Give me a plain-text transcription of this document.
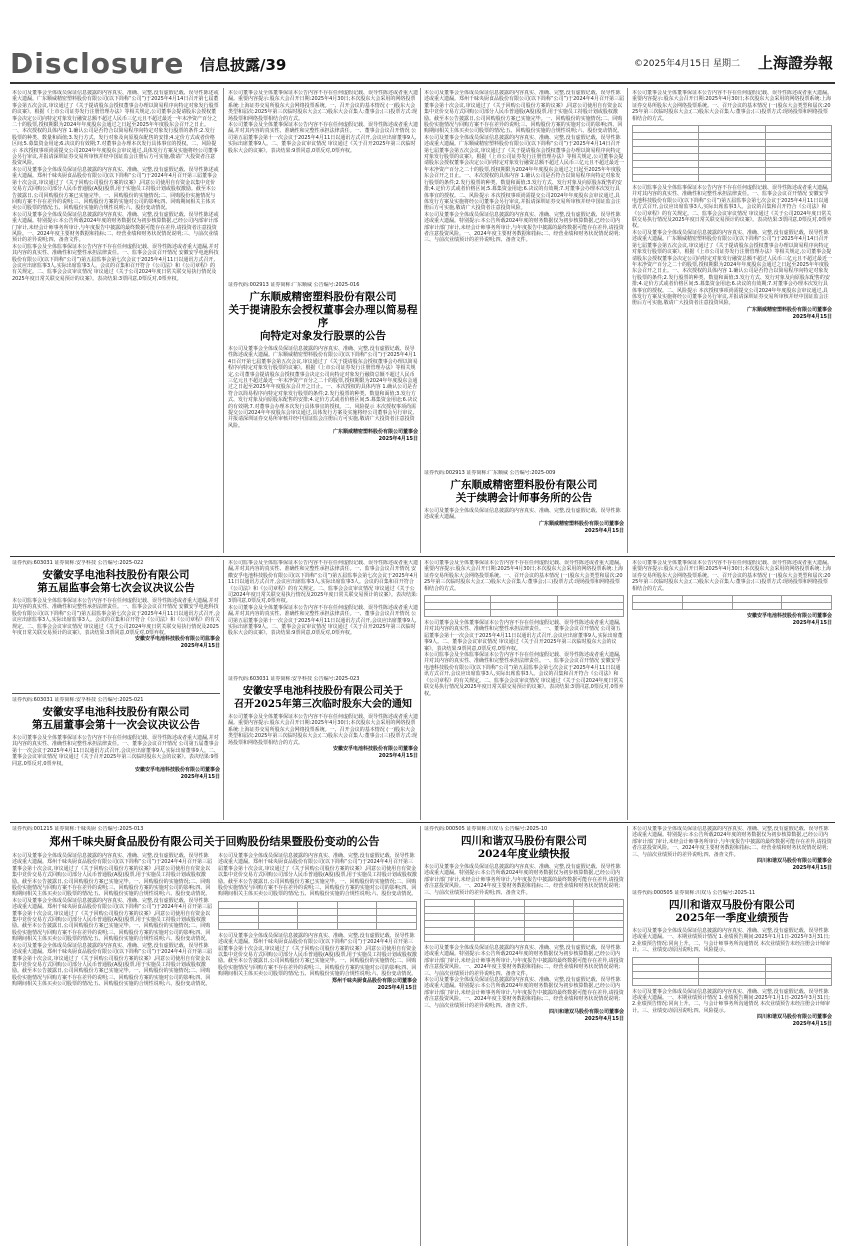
Disclosure 信息披露/39	©2025年4月15日 星期二 上海證券報
本公司及董事会全体成员保证信息披露的内容真实、准确、完整,没有虚假记载、误导性陈述或重大遗漏。广东顺威精密塑料股份有限公司(以下简称“公司”)于2025年4月14日召开第七届董事会第五次会议,审议通过了《关于提请股东会授权董事会办理以简易程序向特定对象发行股票的议案》。根据《上市公司证券发行注册管理办法》等相关规定,公司董事会提请股东会授权董事会决定公司向特定对象发行融资总额不超过人民币三亿元且不超过最近一年末净资产百分之二十的股票,授权期限为2024年年度股东会通过之日起至2025年年度股东会召开之日止。一、本次授权的具体内容 1.确认公司是否符合以简易程序向特定对象发行股票的条件;2.发行股票的种类、数量和面值;3.发行方式、发行对象及向原股东配售的安排;4.定价方式或者价格区间;5.募集资金用途;6.决议的有效期;7.对董事会办理本次发行具体事宜的授权。二、风险提示 本次授权事项尚需提交公司2024年年度股东会审议通过,具体发行方案及实施将经公司董事会另行审议,并报请深圳证券交易所审核并经中国证监会注册后方可实施,敬请广大投资者注意投资风险。
本公司及董事会全体成员保证信息披露的内容真实、准确、完整,没有虚假记载、误导性陈述或重大遗漏。郑州千味央厨食品股份有限公司(以下简称“公司”)于2024年4月召开第三届董事会第十次会议,审议通过了《关于回购公司股份方案的议案》,同意公司使用自有资金以集中竞价交易方式回购公司部分人民币普通股(A股)股票,用于实施员工持股计划或股权激励。截至本公告披露日,公司回购股份方案已实施完毕。一、回购股份的实施情况;二、回购股份实施情况与回购方案不存在差异的说明;三、回购股份方案的实施对公司的影响;四、回购期间相关主体买卖公司股票的情况;五、回购股份实施的合规性说明;六、股份变动情况。
本公司及董事会全体成员保证信息披露的内容真实、准确、完整,没有虚假记载、误导性陈述或重大遗漏。特别提示:本公告所载2024年度的财务数据仅为初步核算数据,已经公司内部审计部门审计,未经会计师事务所审计,与年度报告中披露的最终数据可能存在差异,请投资者注意投资风险。一、2024年度主要财务数据和指标;二、经营业绩和财务状况情况说明;三、与前次业绩预计的差异说明;四、备查文件。
本公司监事会及全体监事保证本公告内容不存在任何虚假记载、误导性陈述或者重大遗漏,并对其内容的真实性、准确性和完整性承担法律责任。一、监事会会议召开情况 安徽安孚电池科技股份有限公司(以下简称“公司”)第五届监事会第七次会议于2025年4月11日以通讯方式召开,会议应出席监事3人,实际出席监事3人。会议的召集和召开符合《公司法》和《公司章程》的有关规定。二、监事会会议审议情况 审议通过《关于公司2024年度日常关联交易执行情况及2025年度日常关联交易预计的议案》。表决结果:3票同意,0票反对,0票弃权。
本公司董事会及全体董事保证本公告内容不存在任何虚假记载、误导性陈述或者重大遗漏。重要内容提示:股东大会召开日期:2025年4月30日;本次股东大会采用的网络投票系统:上海证券交易所股东大会网络投票系统。一、召开会议的基本情况 (一)股东大会类型和届次:2025年第三次临时股东大会;(二)股东大会召集人:董事会;(三)投票方式:现场投票和网络投票相结合的方式。
本公司董事会及全体董事保证本公告内容不存在任何虚假记载、误导性陈述或者重大遗漏,并对其内容的真实性、准确性和完整性承担法律责任。一、董事会会议召开情况 公司第五届董事会第十一次会议于2025年4月11日以通讯方式召开,会议应出席董事9人,实际出席董事9人。二、董事会会议审议情况 审议通过《关于召开2025年第三次临时股东大会的议案》。表决结果:9票同意,0票反对,0票弃权。
证券代码:002913 证券简称:广东顺威 公告编号:2025-016
广东顺威精密塑料股份有限公司
关于提请股东会授权董事会办理以简易程序
向特定对象发行股票的公告
本公司及董事会全体成员保证信息披露的内容真实、准确、完整,没有虚假记载、误导性陈述或重大遗漏。广东顺威精密塑料股份有限公司(以下简称“公司”)于2025年4月14日召开第七届董事会第五次会议,审议通过了《关于提请股东会授权董事会办理以简易程序向特定对象发行股票的议案》。根据《上市公司证券发行注册管理办法》等相关规定,公司董事会提请股东会授权董事会决定公司向特定对象发行融资总额不超过人民币三亿元且不超过最近一年末净资产百分之二十的股票,授权期限为2024年年度股东会通过之日起至2025年年度股东会召开之日止。一、本次授权的具体内容 1.确认公司是否符合以简易程序向特定对象发行股票的条件;2.发行股票的种类、数量和面值;3.发行方式、发行对象及向原股东配售的安排;4.定价方式或者价格区间;5.募集资金用途;6.决议的有效期;7.对董事会办理本次发行具体事宜的授权。二、风险提示 本次授权事项尚需提交公司2024年年度股东会审议通过,具体发行方案及实施将经公司董事会另行审议,并报请深圳证券交易所审核并经中国证监会注册后方可实施,敬请广大投资者注意投资风险。
广东顺威精密塑料股份有限公司董事会
2025年4月15日
本公司及董事会全体成员保证信息披露的内容真实、准确、完整,没有虚假记载、误导性陈述或重大遗漏。郑州千味央厨食品股份有限公司(以下简称“公司”)于2024年4月召开第三届董事会第十次会议,审议通过了《关于回购公司股份方案的议案》,同意公司使用自有资金以集中竞价交易方式回购公司部分人民币普通股(A股)股票,用于实施员工持股计划或股权激励。截至本公告披露日,公司回购股份方案已实施完毕。一、回购股份的实施情况;二、回购股份实施情况与回购方案不存在差异的说明;三、回购股份方案的实施对公司的影响;四、回购期间相关主体买卖公司股票的情况;五、回购股份实施的合规性说明;六、股份变动情况。
本公司及董事会全体成员保证信息披露的内容真实、准确、完整,没有虚假记载、误导性陈述或重大遗漏。广东顺威精密塑料股份有限公司(以下简称“公司”)于2025年4月14日召开第七届董事会第五次会议,审议通过了《关于提请股东会授权董事会办理以简易程序向特定对象发行股票的议案》。根据《上市公司证券发行注册管理办法》等相关规定,公司董事会提请股东会授权董事会决定公司向特定对象发行融资总额不超过人民币三亿元且不超过最近一年末净资产百分之二十的股票,授权期限为2024年年度股东会通过之日起至2025年年度股东会召开之日止。一、本次授权的具体内容 1.确认公司是否符合以简易程序向特定对象发行股票的条件;2.发行股票的种类、数量和面值;3.发行方式、发行对象及向原股东配售的安排;4.定价方式或者价格区间;5.募集资金用途;6.决议的有效期;7.对董事会办理本次发行具体事宜的授权。二、风险提示 本次授权事项尚需提交公司2024年年度股东会审议通过,具体发行方案及实施将经公司董事会另行审议,并报请深圳证券交易所审核并经中国证监会注册后方可实施,敬请广大投资者注意投资风险。
本公司及董事会全体成员保证信息披露的内容真实、准确、完整,没有虚假记载、误导性陈述或重大遗漏。特别提示:本公告所载2024年度的财务数据仅为初步核算数据,已经公司内部审计部门审计,未经会计师事务所审计,与年度报告中披露的最终数据可能存在差异,请投资者注意投资风险。一、2024年度主要财务数据和指标;二、经营业绩和财务状况情况说明;三、与前次业绩预计的差异说明;四、备查文件。
证券代码:002913 证券简称:广东顺威 公告编号:2025-009
广东顺威精密塑料股份有限公司
关于续聘会计师事务所的公告
本公司及董事会全体成员保证信息披露的内容真实、准确、完整,没有虚假记载、误导性陈述或重大遗漏。
广东顺威精密塑料股份有限公司董事会
2025年4月15日
本公司董事会及全体董事保证本公告内容不存在任何虚假记载、误导性陈述或者重大遗漏。重要内容提示:股东大会召开日期:2025年4月30日;本次股东大会采用的网络投票系统:上海证券交易所股东大会网络投票系统。一、召开会议的基本情况 (一)股东大会类型和届次:2025年第三次临时股东大会;(二)股东大会召集人:董事会;(三)投票方式:现场投票和网络投票相结合的方式。

本公司监事会及全体监事保证本公告内容不存在任何虚假记载、误导性陈述或者重大遗漏,并对其内容的真实性、准确性和完整性承担法律责任。一、监事会会议召开情况 安徽安孚电池科技股份有限公司(以下简称“公司”)第五届监事会第七次会议于2025年4月11日以通讯方式召开,会议应出席监事3人,实际出席监事3人。会议的召集和召开符合《公司法》和《公司章程》的有关规定。二、监事会会议审议情况 审议通过《关于公司2024年度日常关联交易执行情况及2025年度日常关联交易预计的议案》。表决结果:3票同意,0票反对,0票弃权。
本公司及董事会全体成员保证信息披露的内容真实、准确、完整,没有虚假记载、误导性陈述或重大遗漏。广东顺威精密塑料股份有限公司(以下简称“公司”)于2025年4月14日召开第七届董事会第五次会议,审议通过了《关于提请股东会授权董事会办理以简易程序向特定对象发行股票的议案》。根据《上市公司证券发行注册管理办法》等相关规定,公司董事会提请股东会授权董事会决定公司向特定对象发行融资总额不超过人民币三亿元且不超过最近一年末净资产百分之二十的股票,授权期限为2024年年度股东会通过之日起至2025年年度股东会召开之日止。一、本次授权的具体内容 1.确认公司是否符合以简易程序向特定对象发行股票的条件;2.发行股票的种类、数量和面值;3.发行方式、发行对象及向原股东配售的安排;4.定价方式或者价格区间;5.募集资金用途;6.决议的有效期;7.对董事会办理本次发行具体事宜的授权。二、风险提示 本次授权事项尚需提交公司2024年年度股东会审议通过,具体发行方案及实施将经公司董事会另行审议,并报请深圳证券交易所审核并经中国证监会注册后方可实施,敬请广大投资者注意投资风险。
广东顺威精密塑料股份有限公司董事会
2025年4月15日
证券代码:603031 证券简称:安孚科技 公告编号:2025-022
安徽安孚电池科技股份有限公司
第五届监事会第七次会议决议公告
本公司监事会及全体监事保证本公告内容不存在任何虚假记载、误导性陈述或者重大遗漏,并对其内容的真实性、准确性和完整性承担法律责任。一、监事会会议召开情况 安徽安孚电池科技股份有限公司(以下简称“公司”)第五届监事会第七次会议于2025年4月11日以通讯方式召开,会议应出席监事3人,实际出席监事3人。会议的召集和召开符合《公司法》和《公司章程》的有关规定。二、监事会会议审议情况 审议通过《关于公司2024年度日常关联交易执行情况及2025年度日常关联交易预计的议案》。表决结果:3票同意,0票反对,0票弃权。
安徽安孚电池科技股份有限公司监事会
2025年4月15日
证券代码:603031 证券简称:安孚科技 公告编号:2025-021
安徽安孚电池科技股份有限公司
第五届董事会第十一次会议决议公告
本公司董事会及全体董事保证本公告内容不存在任何虚假记载、误导性陈述或者重大遗漏,并对其内容的真实性、准确性和完整性承担法律责任。一、董事会会议召开情况 公司第五届董事会第十一次会议于2025年4月11日以通讯方式召开,会议应出席董事9人,实际出席董事9人。二、董事会会议审议情况 审议通过《关于召开2025年第三次临时股东大会的议案》。表决结果:9票同意,0票反对,0票弃权。
安徽安孚电池科技股份有限公司董事会
2025年4月15日
本公司监事会及全体监事保证本公告内容不存在任何虚假记载、误导性陈述或者重大遗漏,并对其内容的真实性、准确性和完整性承担法律责任。一、监事会会议召开情况 安徽安孚电池科技股份有限公司(以下简称“公司”)第五届监事会第七次会议于2025年4月11日以通讯方式召开,会议应出席监事3人,实际出席监事3人。会议的召集和召开符合《公司法》和《公司章程》的有关规定。二、监事会会议审议情况 审议通过《关于公司2024年度日常关联交易执行情况及2025年度日常关联交易预计的议案》。表决结果:3票同意,0票反对,0票弃权。
本公司董事会及全体董事保证本公告内容不存在任何虚假记载、误导性陈述或者重大遗漏,并对其内容的真实性、准确性和完整性承担法律责任。一、董事会会议召开情况 公司第五届董事会第十一次会议于2025年4月11日以通讯方式召开,会议应出席董事9人,实际出席董事9人。二、董事会会议审议情况 审议通过《关于召开2025年第三次临时股东大会的议案》。表决结果:9票同意,0票反对,0票弃权。
证券代码:603031 证券简称:安孚科技 公告编号:2025-023
安徽安孚电池科技股份有限公司关于
召开2025年第三次临时股东大会的通知
本公司董事会及全体董事保证本公告内容不存在任何虚假记载、误导性陈述或者重大遗漏。重要内容提示:股东大会召开日期:2025年4月30日;本次股东大会采用的网络投票系统:上海证券交易所股东大会网络投票系统。一、召开会议的基本情况 (一)股东大会类型和届次:2025年第三次临时股东大会;(二)股东大会召集人:董事会;(三)投票方式:现场投票和网络投票相结合的方式。
安徽安孚电池科技股份有限公司董事会
2025年4月15日
本公司董事会及全体董事保证本公告内容不存在任何虚假记载、误导性陈述或者重大遗漏。重要内容提示:股东大会召开日期:2025年4月30日;本次股东大会采用的网络投票系统:上海证券交易所股东大会网络投票系统。一、召开会议的基本情况 (一)股东大会类型和届次:2025年第三次临时股东大会;(二)股东大会召集人:董事会;(三)投票方式:现场投票和网络投票相结合的方式。

本公司董事会及全体董事保证本公告内容不存在任何虚假记载、误导性陈述或者重大遗漏,并对其内容的真实性、准确性和完整性承担法律责任。一、董事会会议召开情况 公司第五届董事会第十一次会议于2025年4月11日以通讯方式召开,会议应出席董事9人,实际出席董事9人。二、董事会会议审议情况 审议通过《关于召开2025年第三次临时股东大会的议案》。表决结果:9票同意,0票反对,0票弃权。
本公司监事会及全体监事保证本公告内容不存在任何虚假记载、误导性陈述或者重大遗漏,并对其内容的真实性、准确性和完整性承担法律责任。一、监事会会议召开情况 安徽安孚电池科技股份有限公司(以下简称“公司”)第五届监事会第七次会议于2025年4月11日以通讯方式召开,会议应出席监事3人,实际出席监事3人。会议的召集和召开符合《公司法》和《公司章程》的有关规定。二、监事会会议审议情况 审议通过《关于公司2024年度日常关联交易执行情况及2025年度日常关联交易预计的议案》。表决结果:3票同意,0票反对,0票弃权。
本公司董事会及全体董事保证本公告内容不存在任何虚假记载、误导性陈述或者重大遗漏。重要内容提示:股东大会召开日期:2025年4月30日;本次股东大会采用的网络投票系统:上海证券交易所股东大会网络投票系统。一、召开会议的基本情况 (一)股东大会类型和届次:2025年第三次临时股东大会;(二)股东大会召集人:董事会;(三)投票方式:现场投票和网络投票相结合的方式。

安徽安孚电池科技股份有限公司董事会
2025年4月15日
证券代码:001215 证券简称:千味央厨 公告编号:2025-013
郑州千味央厨食品股份有限公司关于回购股份结果暨股份变动的公告
本公司及董事会全体成员保证信息披露的内容真实、准确、完整,没有虚假记载、误导性陈述或重大遗漏。郑州千味央厨食品股份有限公司(以下简称“公司”)于2024年4月召开第三届董事会第十次会议,审议通过了《关于回购公司股份方案的议案》,同意公司使用自有资金以集中竞价交易方式回购公司部分人民币普通股(A股)股票,用于实施员工持股计划或股权激励。截至本公告披露日,公司回购股份方案已实施完毕。一、回购股份的实施情况;二、回购股份实施情况与回购方案不存在差异的说明;三、回购股份方案的实施对公司的影响;四、回购期间相关主体买卖公司股票的情况;五、回购股份实施的合规性说明;六、股份变动情况。
本公司及董事会全体成员保证信息披露的内容真实、准确、完整,没有虚假记载、误导性陈述或重大遗漏。郑州千味央厨食品股份有限公司(以下简称“公司”)于2024年4月召开第三届董事会第十次会议,审议通过了《关于回购公司股份方案的议案》,同意公司使用自有资金以集中竞价交易方式回购公司部分人民币普通股(A股)股票,用于实施员工持股计划或股权激励。截至本公告披露日,公司回购股份方案已实施完毕。一、回购股份的实施情况;二、回购股份实施情况与回购方案不存在差异的说明;三、回购股份方案的实施对公司的影响;四、回购期间相关主体买卖公司股票的情况;五、回购股份实施的合规性说明;六、股份变动情况。
本公司及董事会全体成员保证信息披露的内容真实、准确、完整,没有虚假记载、误导性陈述或重大遗漏。郑州千味央厨食品股份有限公司(以下简称“公司”)于2024年4月召开第三届董事会第十次会议,审议通过了《关于回购公司股份方案的议案》,同意公司使用自有资金以集中竞价交易方式回购公司部分人民币普通股(A股)股票,用于实施员工持股计划或股权激励。截至本公告披露日,公司回购股份方案已实施完毕。一、回购股份的实施情况;二、回购股份实施情况与回购方案不存在差异的说明;三、回购股份方案的实施对公司的影响;四、回购期间相关主体买卖公司股票的情况;五、回购股份实施的合规性说明;六、股份变动情况。
本公司及董事会全体成员保证信息披露的内容真实、准确、完整,没有虚假记载、误导性陈述或重大遗漏。郑州千味央厨食品股份有限公司(以下简称“公司”)于2024年4月召开第三届董事会第十次会议,审议通过了《关于回购公司股份方案的议案》,同意公司使用自有资金以集中竞价交易方式回购公司部分人民币普通股(A股)股票,用于实施员工持股计划或股权激励。截至本公告披露日,公司回购股份方案已实施完毕。一、回购股份的实施情况;二、回购股份实施情况与回购方案不存在差异的说明;三、回购股份方案的实施对公司的影响;四、回购期间相关主体买卖公司股票的情况;五、回购股份实施的合规性说明;六、股份变动情况。

本公司及董事会全体成员保证信息披露的内容真实、准确、完整,没有虚假记载、误导性陈述或重大遗漏。郑州千味央厨食品股份有限公司(以下简称“公司”)于2024年4月召开第三届董事会第十次会议,审议通过了《关于回购公司股份方案的议案》,同意公司使用自有资金以集中竞价交易方式回购公司部分人民币普通股(A股)股票,用于实施员工持股计划或股权激励。截至本公告披露日,公司回购股份方案已实施完毕。一、回购股份的实施情况;二、回购股份实施情况与回购方案不存在差异的说明;三、回购股份方案的实施对公司的影响;四、回购期间相关主体买卖公司股票的情况;五、回购股份实施的合规性说明;六、股份变动情况。
郑州千味央厨食品股份有限公司董事会
2025年4月15日
证券代码:000505 证券简称:川双马 公告编号:2025-10
四川和谐双马股份有限公司
2024年度业绩快报
本公司及董事会全体成员保证信息披露的内容真实、准确、完整,没有虚假记载、误导性陈述或重大遗漏。特别提示:本公告所载2024年度的财务数据仅为初步核算数据,已经公司内部审计部门审计,未经会计师事务所审计,与年度报告中披露的最终数据可能存在差异,请投资者注意投资风险。一、2024年度主要财务数据和指标;二、经营业绩和财务状况情况说明;三、与前次业绩预计的差异说明;四、备查文件。

本公司及董事会全体成员保证信息披露的内容真实、准确、完整,没有虚假记载、误导性陈述或重大遗漏。特别提示:本公告所载2024年度的财务数据仅为初步核算数据,已经公司内部审计部门审计,未经会计师事务所审计,与年度报告中披露的最终数据可能存在差异,请投资者注意投资风险。一、2024年度主要财务数据和指标;二、经营业绩和财务状况情况说明;三、与前次业绩预计的差异说明;四、备查文件。
本公司及董事会全体成员保证信息披露的内容真实、准确、完整,没有虚假记载、误导性陈述或重大遗漏。特别提示:本公告所载2024年度的财务数据仅为初步核算数据,已经公司内部审计部门审计,未经会计师事务所审计,与年度报告中披露的最终数据可能存在差异,请投资者注意投资风险。一、2024年度主要财务数据和指标;二、经营业绩和财务状况情况说明;三、与前次业绩预计的差异说明;四、备查文件。
四川和谐双马股份有限公司董事会
2025年4月15日
本公司及董事会全体成员保证信息披露的内容真实、准确、完整,没有虚假记载、误导性陈述或重大遗漏。特别提示:本公告所载2024年度的财务数据仅为初步核算数据,已经公司内部审计部门审计,未经会计师事务所审计,与年度报告中披露的最终数据可能存在差异,请投资者注意投资风险。一、2024年度主要财务数据和指标;二、经营业绩和财务状况情况说明;三、与前次业绩预计的差异说明;四、备查文件。
四川和谐双马股份有限公司董事会
2025年4月15日
证券代码:000505 证券简称:川双马 公告编号:2025-11
四川和谐双马股份有限公司
2025年一季度业绩预告
本公司及董事会全体成员保证信息披露的内容真实、准确、完整,没有虚假记载、误导性陈述或重大遗漏。一、本期业绩预计情况 1.业绩预告期间:2025年1月1日-2025年3月31日;2.业绩预告情况:同向上升。二、与会计师事务所沟通情况 本次业绩预告未经注册会计师审计。三、业绩变动原因说明;四、风险提示。

本公司及董事会全体成员保证信息披露的内容真实、准确、完整,没有虚假记载、误导性陈述或重大遗漏。一、本期业绩预计情况 1.业绩预告期间:2025年1月1日-2025年3月31日;2.业绩预告情况:同向上升。二、与会计师事务所沟通情况 本次业绩预告未经注册会计师审计。三、业绩变动原因说明;四、风险提示。
四川和谐双马股份有限公司董事会
2025年4月15日
